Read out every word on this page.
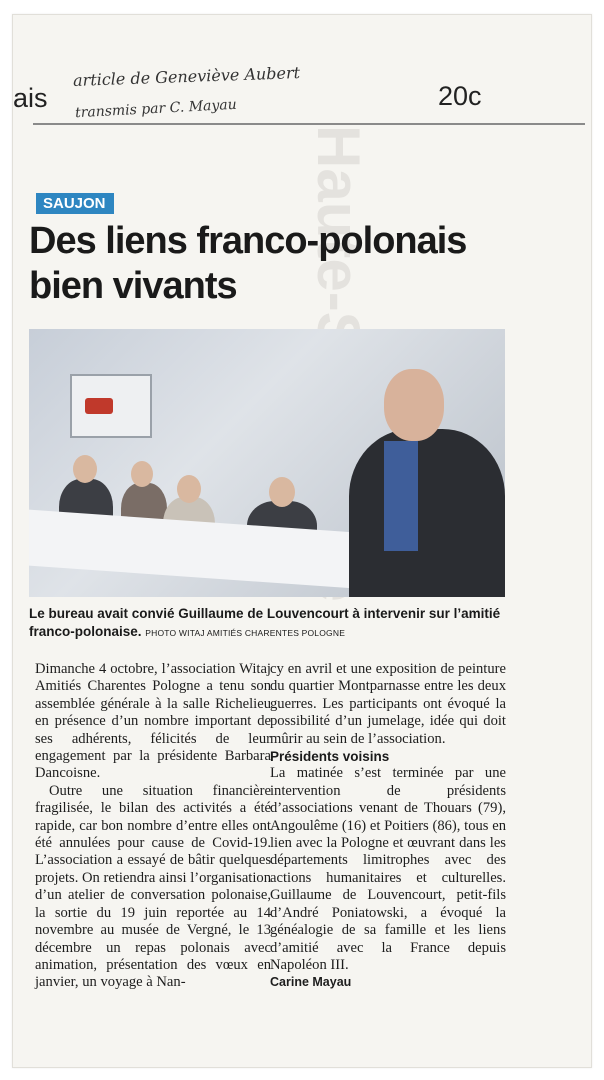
ais
article de Geneviève Aubert
transmis par C. Mayau	20c
SAUJON
Des liens franco-polonais bien vivants
Le bureau avait convié Guillaume de Louvencourt à intervenir sur l’amitié franco-polonaise. PHOTO WITAJ AMITIÉS CHARENTES POLOGNE

Dimanche 4 octobre, l’association Witaj Amitiés Charentes Pologne a tenu son assemblée générale à la salle Richelieu en présence d’un nombre important de ses adhérents, félicités de leur engagement par la présidente Barbara Dancoisne.

Outre une situation financière fragilisée, le bilan des activités a été rapide, car bon nombre d’entre elles ont été annulées pour cause de Covid-19. L’association a essayé de bâtir quelques projets. On retiendra ainsi l’organisation d’un atelier de conversation polonaise, la sortie du 19 juin reportée au 14 novembre au musée de Vergné, le 13 décembre un repas polonais avec animation, présentation des vœux en janvier, un voyage à Nan-

cy en avril et une exposition de peinture du quartier Montparnasse entre les deux guerres. Les participants ont évoqué la possibilité d’un jumelage, idée qui doit mûrir au sein de l’association.

Présidents voisins

La matinée s’est terminée par une intervention de présidents d’associations venant de Thouars (79), Angoulême (16) et Poitiers (86), tous en lien avec la Pologne et œuvrant dans les départements limitrophes avec des actions humanitaires et culturelles. Guillaume de Louvencourt, petit-fils d’André Poniatowski, a évoqué la généalogie de sa famille et les liens d’amitié avec la France depuis Napoléon III.

Carine Mayau
